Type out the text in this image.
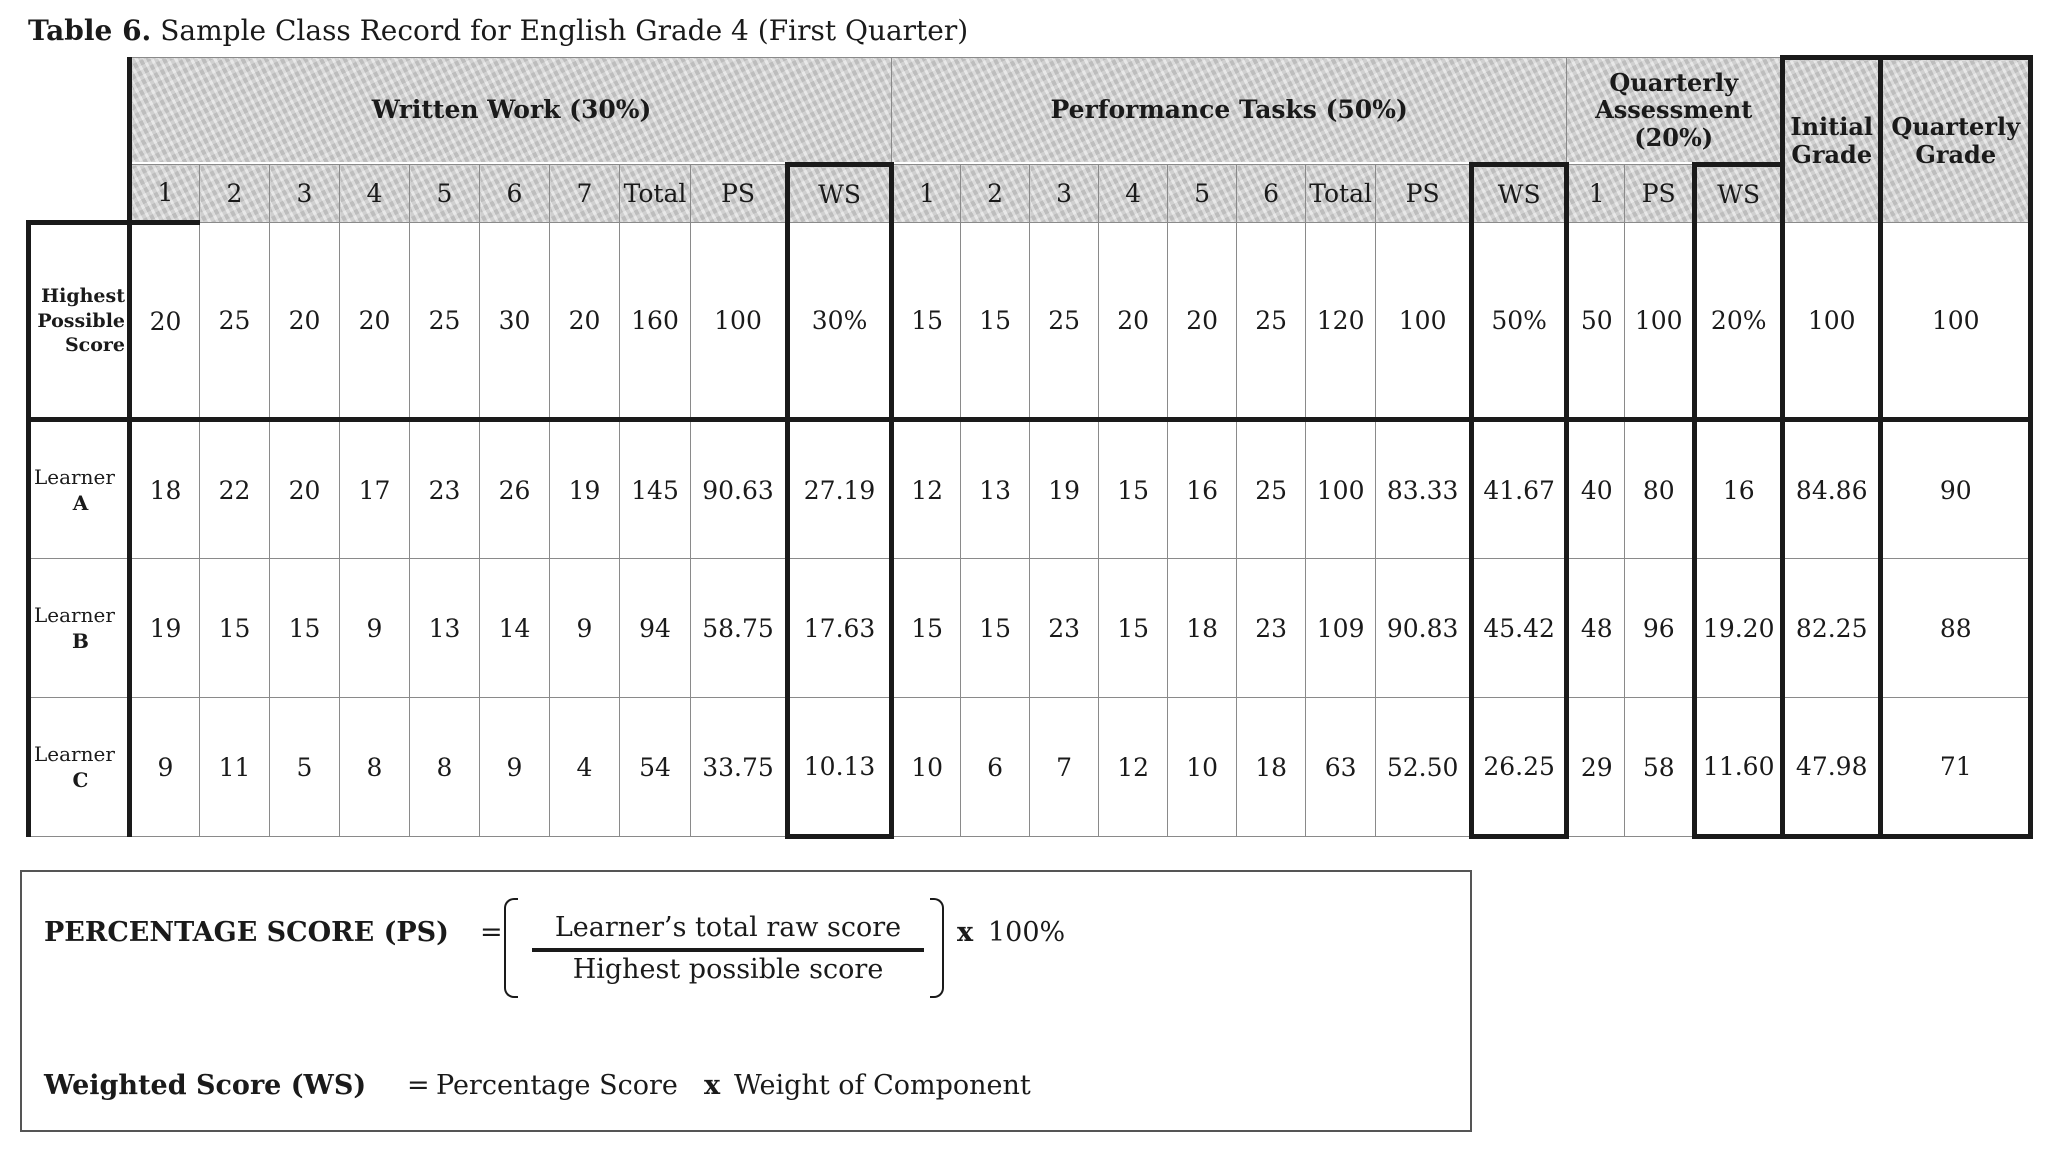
Table 6. Sample Class Record for English Grade 4 (First Quarter)
	Written Work (30%)										Performance Tasks (50%)									Quarterly Assessment (20%)			Initial Grade	Quarterly Grade
	1	2	3	4	5	6	7	Total	PS	WS	1	2	3	4	5	6	Total	PS	WS	1	PS	WS		

Highest
Possible
Score	20	25	20	20	25	30	20	160	100	30%	15	15	25	20	20	25	120	100	50%	50	100	20%	100	100

Learner
A	18	22	20	17	23	26	19	145	90.63	27.19	12	13	19	15	16	25	100	83.33	41.67	40	80	16	84.86	90

Learner
B	19	15	15	9	13	14	9	94	58.75	17.63	15	15	23	15	18	23	109	90.83	45.42	48	96	19.20	82.25	88

Learner
C	9	11	5	8	8	9	4	54	33.75	10.13	10	6	7	12	10	18	63	52.50	26.25	29	58	11.60	47.98	71
PERCENTAGE SCORE (PS) =	Learner’s total raw score
Highest possible score
x 100%
Weighted Score (WS) = Percentage Score x Weight of Component
